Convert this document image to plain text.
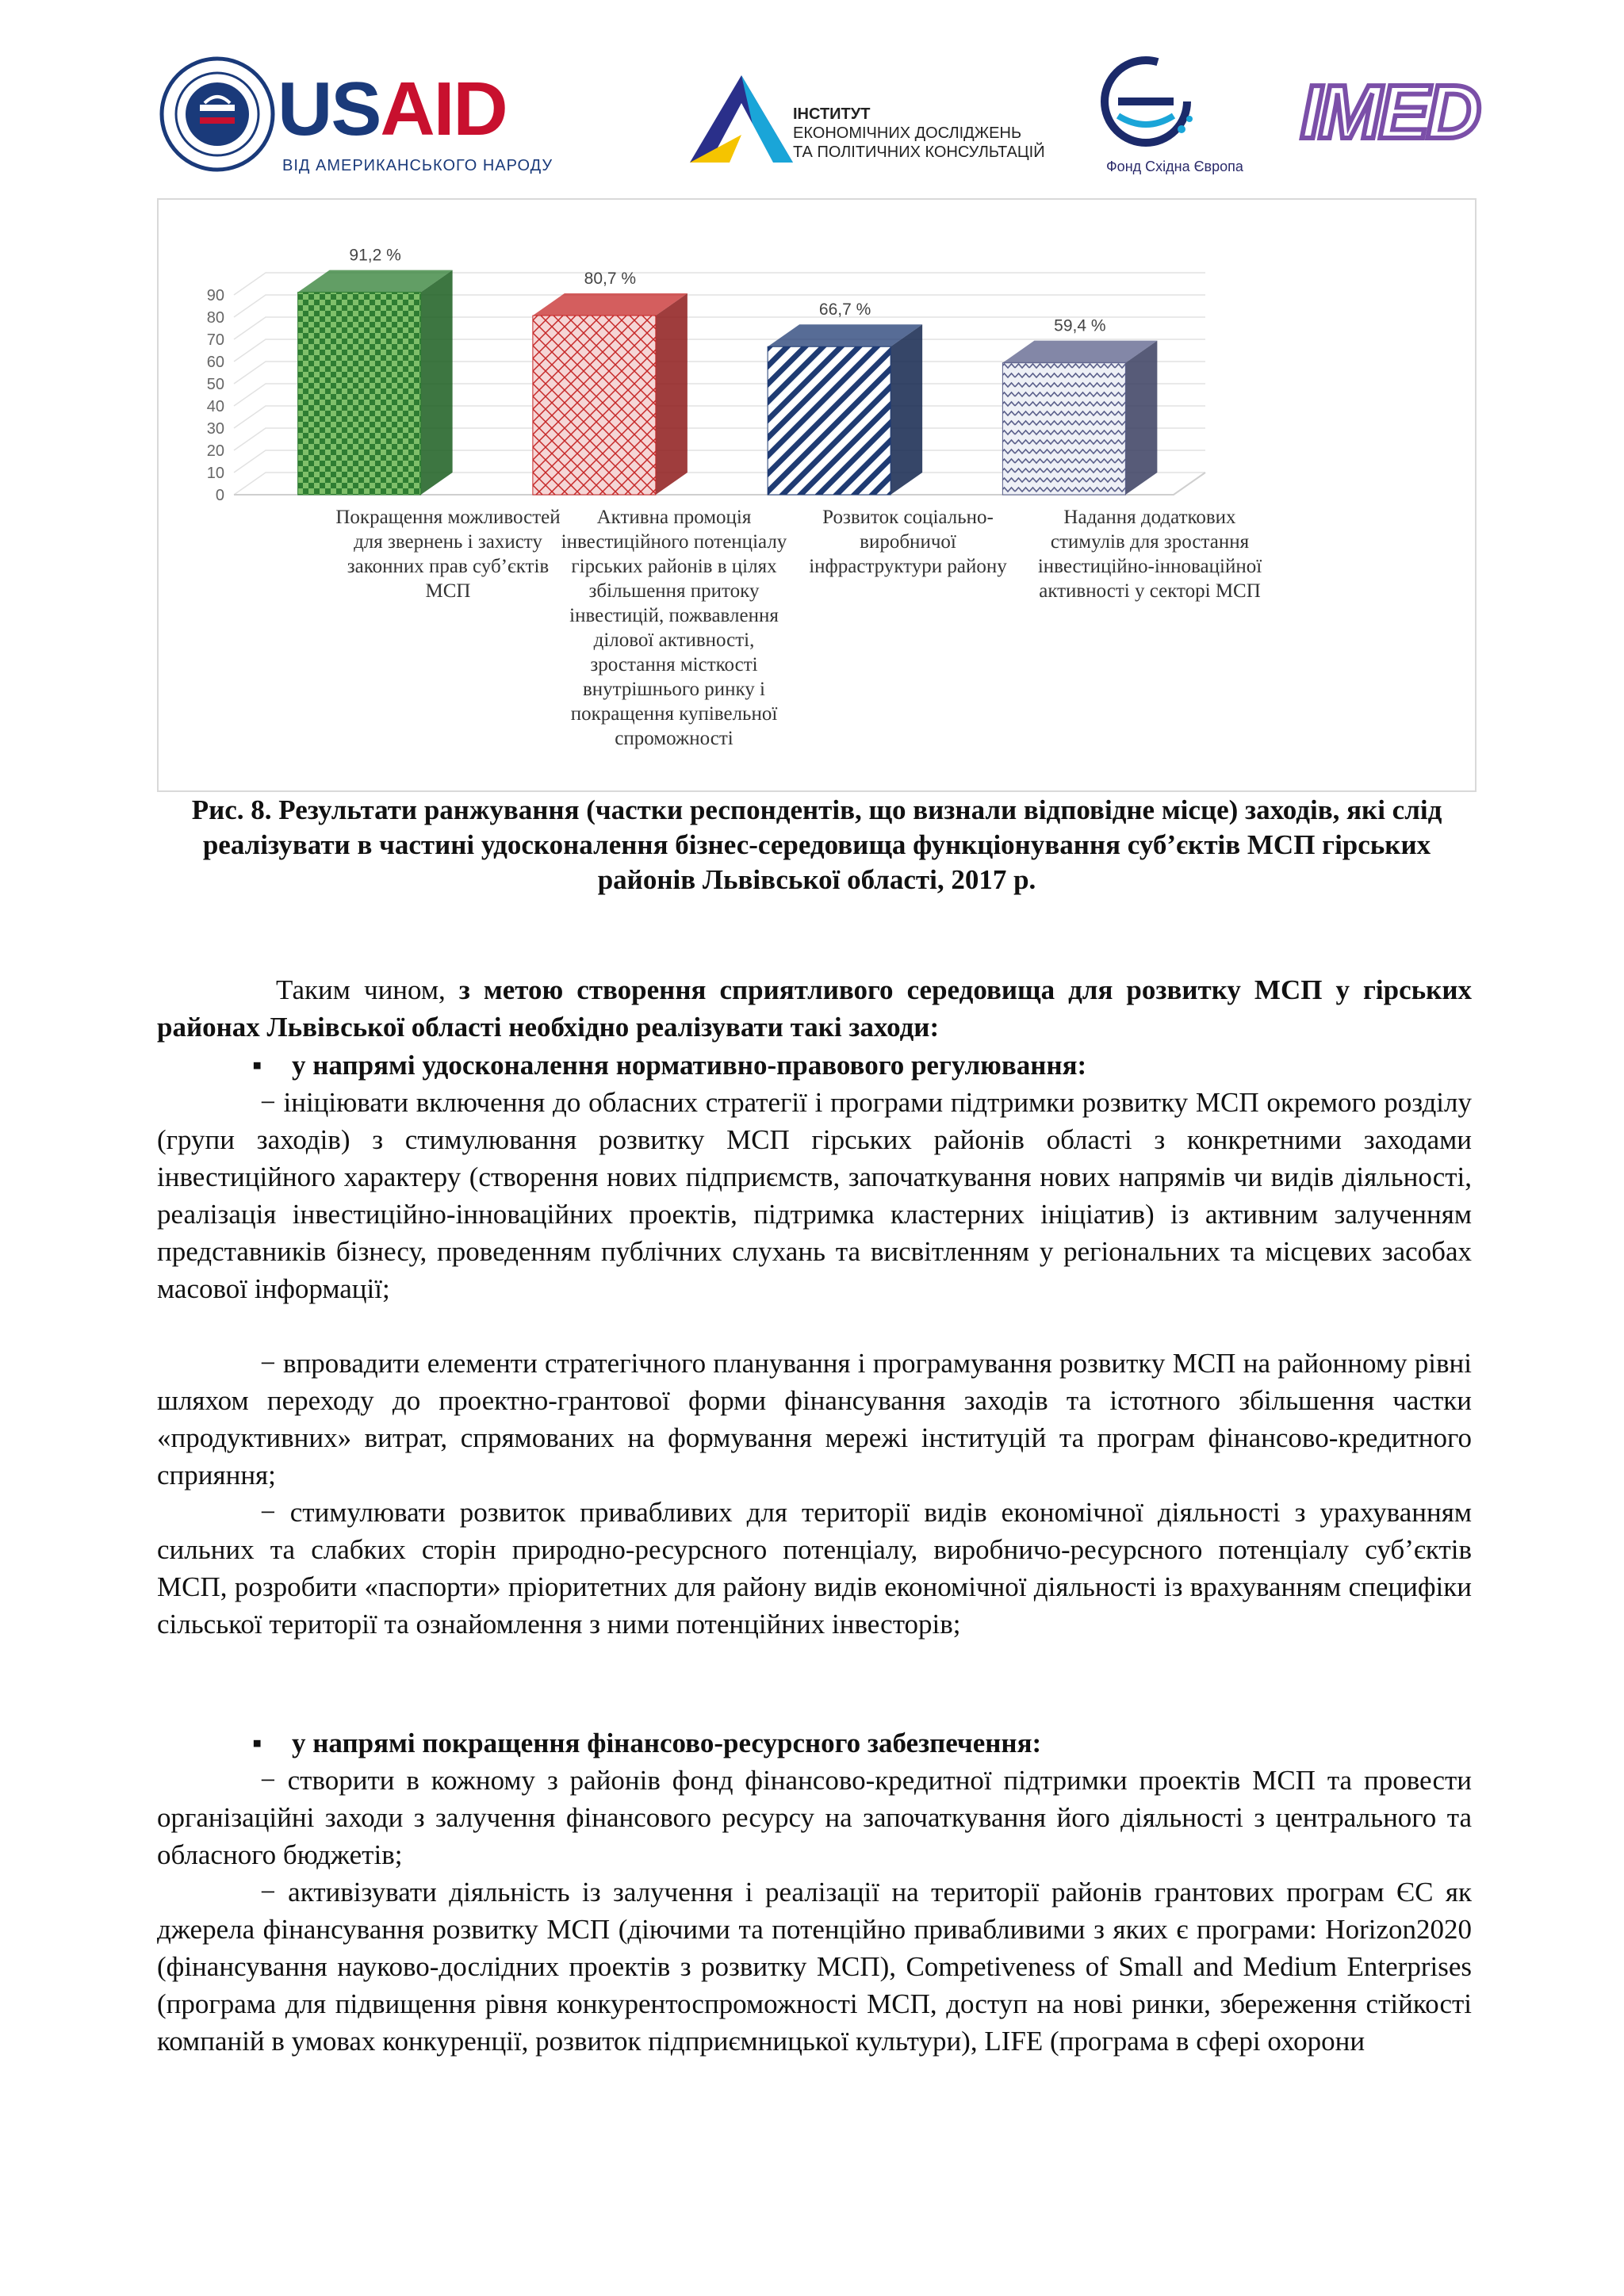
USAID
ВІД АМЕРИКАНСЬКОГО НАРОДУ
ІНСТИТУТ
ЕКОНОМІЧНИХ ДОСЛІДЖЕНЬ
ТА ПОЛІТИЧНИХ КОНСУЛЬТАЦІЙ
Фонд Східна Європа
IMED
0
10
20
30
40
50
60
70
80
90
91,2 %
80,7 %
66,7 %
59,4 %
Покращення можливостей
для звернень і захисту
законних прав суб’єктів
МСП
Активна промоція
інвестиційного потенціалу
гірських районів в цілях
збільшення притоку
інвестицій, пожвавлення
ділової активності,
зростання місткості
внутрішнього ринку і
покращення купівельної
спроможності
Розвиток соціально-
виробничої
інфраструктури району
Надання додаткових
стимулів для зростання
інвестиційно-інноваційної
активності у секторі МСП
Рис. 8. Результати ранжування (частки респондентів, що визнали відповідне місце) заходів, які слід реалізувати в частині удосконалення бізнес-середовища функціонування суб’єктів МСП гірських районів Львівської області, 2017 р.
Таким чином, з метою створення сприятливого середовища для розвитку МСП у гірських районах Львівської області необхідно реалізувати такі заходи:
▪ у напрямі удосконалення нормативно-правового регулювання:
− ініціювати включення до обласних стратегії і програми підтримки розвитку МСП окремого розділу (групи заходів) з стимулювання розвитку МСП гірських районів області з конкретними заходами інвестиційного характеру (створення нових підприємств, започаткування нових напрямів чи видів діяльності, реалізація інвестиційно-інноваційних проектів, підтримка кластерних ініціатив) із активним залученням представників бізнесу, проведенням публічних слухань та висвітленням у регіональних та місцевих засобах масової інформації;
− впровадити елементи стратегічного планування і програмування розвитку МСП на районному рівні шляхом переходу до проектно-грантової форми фінансування заходів та істотного збільшення частки «продуктивних» витрат, спрямованих на формування мережі інституцій та програм фінансово-кредитного сприяння;
− стимулювати розвиток привабливих для території видів економічної діяльності з урахуванням сильних та слабких сторін природно-ресурсного потенціалу, виробничо-ресурсного потенціалу суб’єктів МСП, розробити «паспорти» пріоритетних для району видів економічної діяльності із врахуванням специфіки сільської території та ознайомлення з ними потенційних інвесторів;
▪ у напрямі покращення фінансово-ресурсного забезпечення:
− створити в кожному з районів фонд фінансово-кредитної підтримки проектів МСП та провести організаційні заходи з залучення фінансового ресурсу на започаткування його діяльності з центрального та обласного бюджетів;
− активізувати діяльність із залучення і реалізації на території районів грантових програм ЄС як джерела фінансування розвитку МСП (діючими та потенційно привабливими з яких є програми: Horizon2020 (фінансування науково-дослідних проектів з розвитку МСП), Competiveness of Small and Medium Enterprises (програма для підвищення рівня конкурентоспроможності МСП, доступ на нові ринки, збереження стійкості компаній в умовах конкуренції, розвиток підприємницької культури), LIFE (програма в сфері охорони
